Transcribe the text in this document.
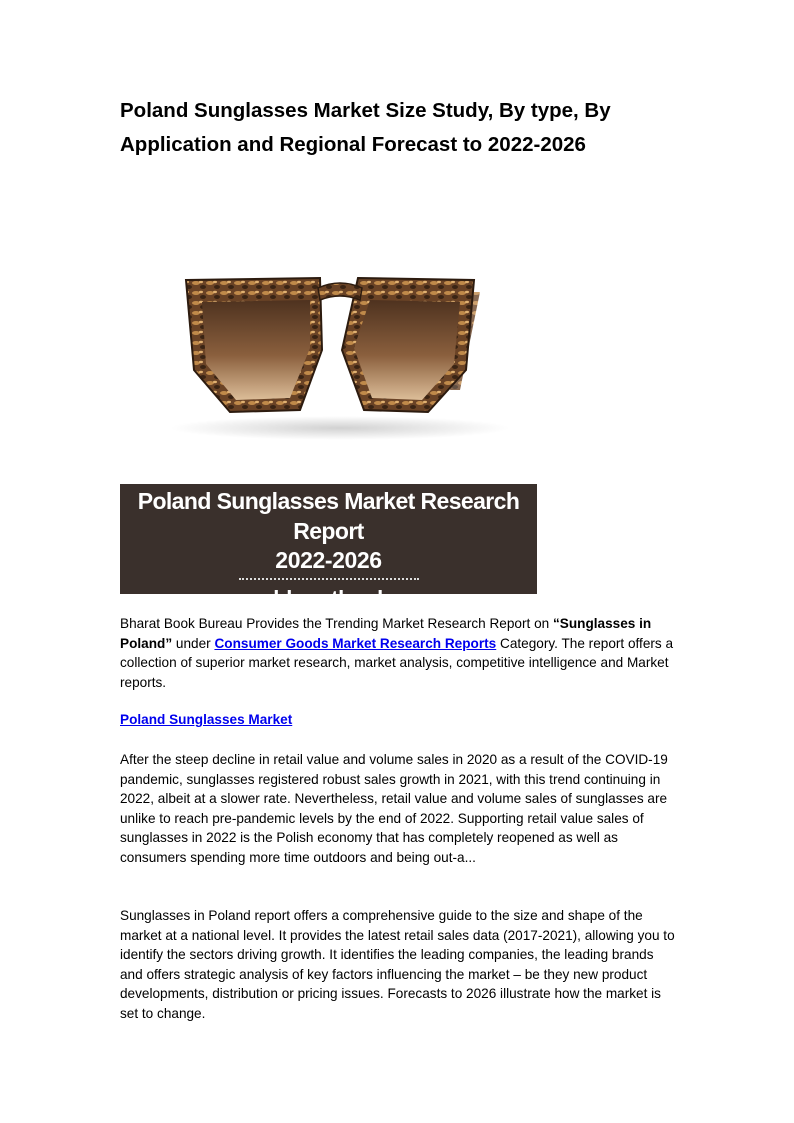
Poland Sunglasses Market Size Study, By type, By Application and Regional Forecast to 2022-2026
Poland Sunglasses Market Research Report
2022-2026
www.bharatbook.com

Bharat Book Bureau Provides the Trending Market Research Report on “Sunglasses in Poland” under Consumer Goods Market Research Reports Category. The report offers a collection of superior market research, market analysis, competitive intelligence and Market reports.

Poland Sunglasses Market

After the steep decline in retail value and volume sales in 2020 as a result of the COVID-19 pandemic, sunglasses registered robust sales growth in 2021, with this trend continuing in 2022, albeit at a slower rate. Nevertheless, retail value and volume sales of sunglasses are unlike to reach pre-pandemic levels by the end of 2022. Supporting retail value sales of sunglasses in 2022 is the Polish economy that has completely reopened as well as consumers spending more time outdoors and being out-a...

Sunglasses in Poland report offers a comprehensive guide to the size and shape of the market at a national level. It provides the latest retail sales data (2017-2021), allowing you to identify the sectors driving growth. It identifies the leading companies, the leading brands and offers strategic analysis of key factors influencing the market – be they new product developments, distribution or pricing issues. Forecasts to 2026 illustrate how the market is set to change.
